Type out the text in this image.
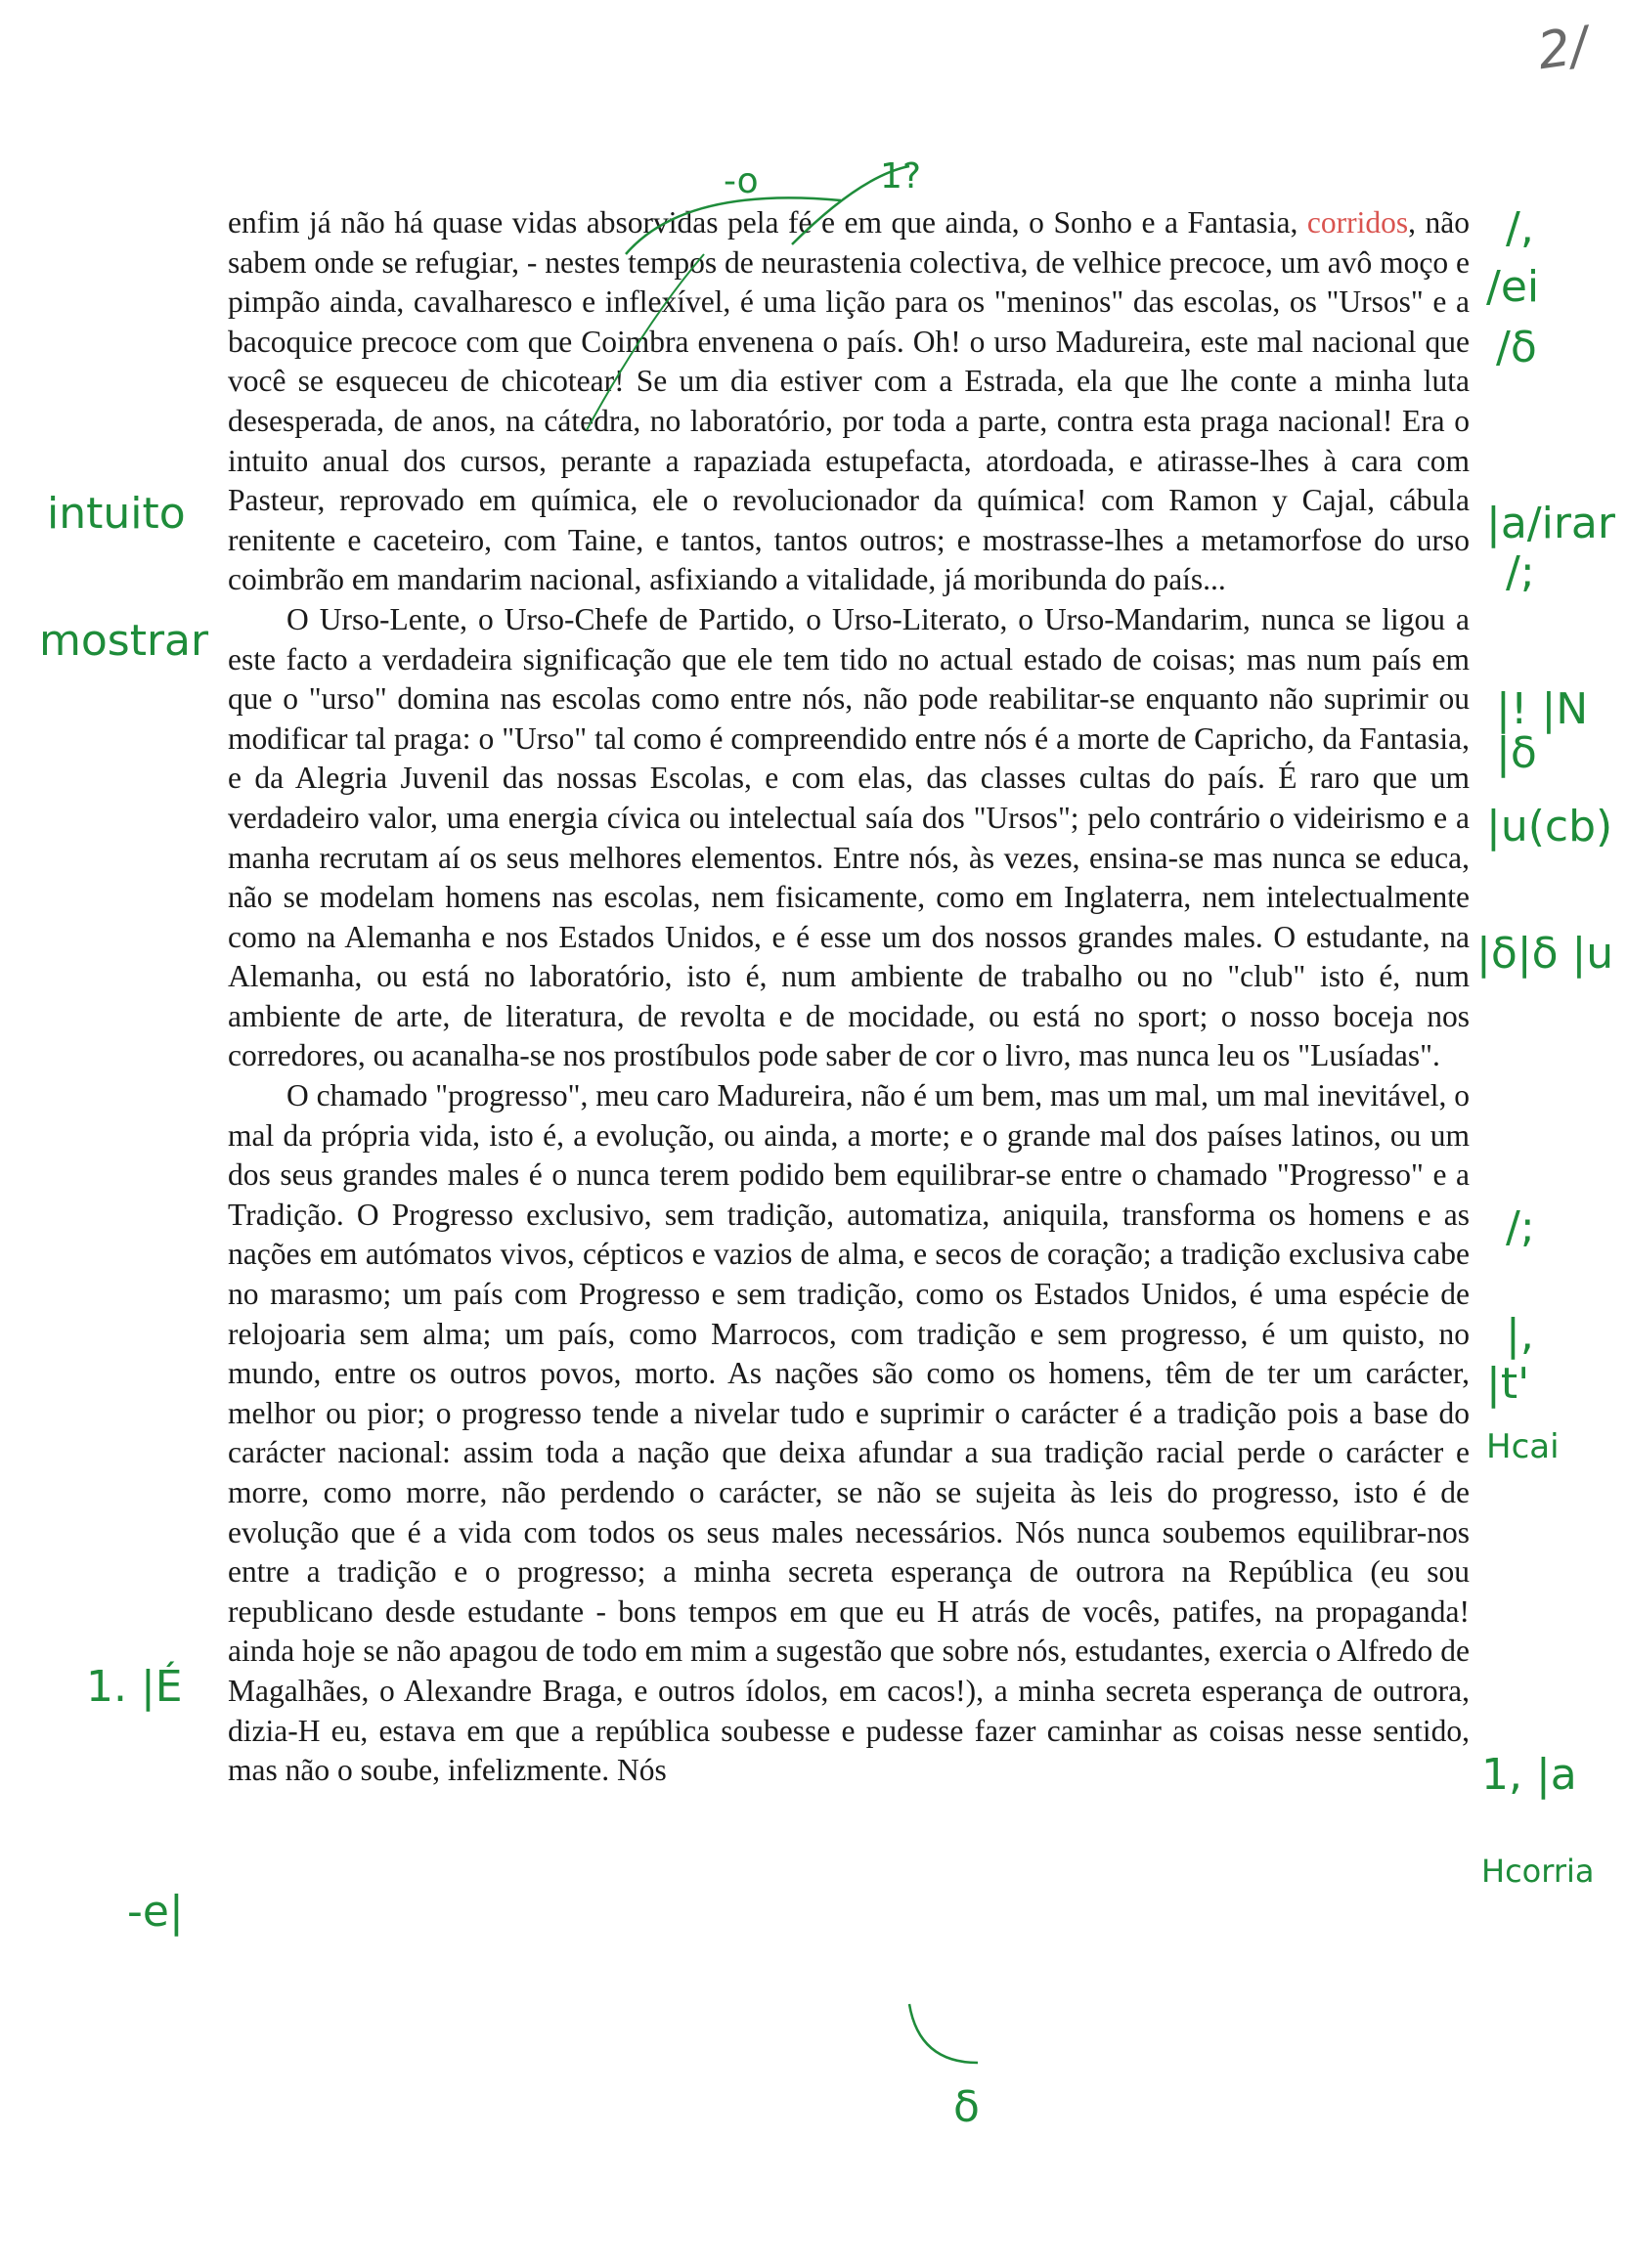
2/

enfim já não há quase vidas absorvidas pela fé e em que ainda, o Sonho e a Fantasia, corridos, não sabem onde se refugiar, - nestes tempos de neurastenia colectiva, de velhice precoce, um avô moço e pimpão ainda, cavalharesco e inflexível, é uma lição para os "meninos" das escolas, os "Ursos" e a bacoquice precoce com que Coimbra envenena o país. Oh! o urso Madureira, este mal nacional que você se esqueceu de chicotear! Se um dia estiver com a Estrada, ela que lhe conte a minha luta desesperada, de anos, na cátedra, no laboratório, por toda a parte, contra esta praga nacional! Era o intuito anual dos cursos, perante a rapaziada estupefacta, atordoada, e atirasse-lhes à cara com Pasteur, reprovado em química, ele o revolucionador da química! com Ramon y Cajal, cábula renitente e caceteiro, com Taine, e tantos, tantos outros; e mostrasse-lhes a metamorfose do urso coimbrão em mandarim nacional, asfixiando a vitalidade, já moribunda do país...

O Urso-Lente, o Urso-Chefe de Partido, o Urso-Literato, o Urso-Mandarim, nunca se ligou a este facto a verdadeira significação que ele tem tido no actual estado de coisas; mas num país em que o "urso" domina nas escolas como entre nós, não pode reabilitar-se enquanto não suprimir ou modificar tal praga: o "Urso" tal como é compreendido entre nós é a morte de Capricho, da Fantasia, e da Alegria Juvenil das nossas Escolas, e com elas, das classes cultas do país. É raro que um verdadeiro valor, uma energia cívica ou intelectual saía dos "Ursos"; pelo contrário o videirismo e a manha recrutam aí os seus melhores elementos. Entre nós, às vezes, ensina-se mas nunca se educa, não se modelam homens nas escolas, nem fisicamente, como em Inglaterra, nem intelectualmente como na Alemanha e nos Estados Unidos, e é esse um dos nossos grandes males. O estudante, na Alemanha, ou está no laboratório, isto é, num ambiente de trabalho ou no "club" isto é, num ambiente de arte, de literatura, de revolta e de mocidade, ou está no sport; o nosso boceja nos corredores, ou acanalha-se nos prostíbulos pode saber de cor o livro, mas nunca leu os "Lusíadas".

O chamado "progresso", meu caro Madureira, não é um bem, mas um mal, um mal inevitável, o mal da própria vida, isto é, a evolução, ou ainda, a morte; e o grande mal dos países latinos, ou um dos seus grandes males é o nunca terem podido bem equilibrar-se entre o chamado "Progresso" e a Tradição. O Progresso exclusivo, sem tradição, automatiza, aniquila, transforma os homens e as nações em autómatos vivos, cépticos e vazios de alma, e secos de coração; a tradição exclusiva cabe no marasmo; um país com Progresso e sem tradição, como os Estados Unidos, é uma espécie de relojoaria sem alma; um país, como Marrocos, com tradição e sem progresso, é um quisto, no mundo, entre os outros povos, morto. As nações são como os homens, têm de ter um carácter, melhor ou pior; o progresso tende a nivelar tudo e suprimir o carácter é a tradição pois a base do carácter nacional: assim toda a nação que deixa afundar a sua tradição racial perde o carácter e morre, como morre, não perdendo o carácter, se não se sujeita às leis do progresso, isto é de evolução que é a vida com todos os seus males necessários. Nós nunca soubemos equilibrar-nos entre a tradição e o progresso; a minha secreta esperança de outrora na República (eu sou republicano desde estudante - bons tempos em que eu H atrás de vocês, patifes, na propaganda! ainda hoje se não apagou de todo em mim a sugestão que sobre nós, estudantes, exercia o Alfredo de Magalhães, o Alexandre Braga, e outros ídolos, em cacos!), a minha secreta esperança de outrora, dizia-H eu, estava em que a república soubesse e pudesse fazer caminhar as coisas nesse sentido, mas não o soube, infelizmente. Nós

-o	1?
/,
/ei
/δ
|a/irar
/;
|! |N
|δ
|u(cb)
|δ|δ |u
/;
|,
|t'
Hcai
1, |a
Hcorria
intuito
mostrar
1. |É
-e|
δ
